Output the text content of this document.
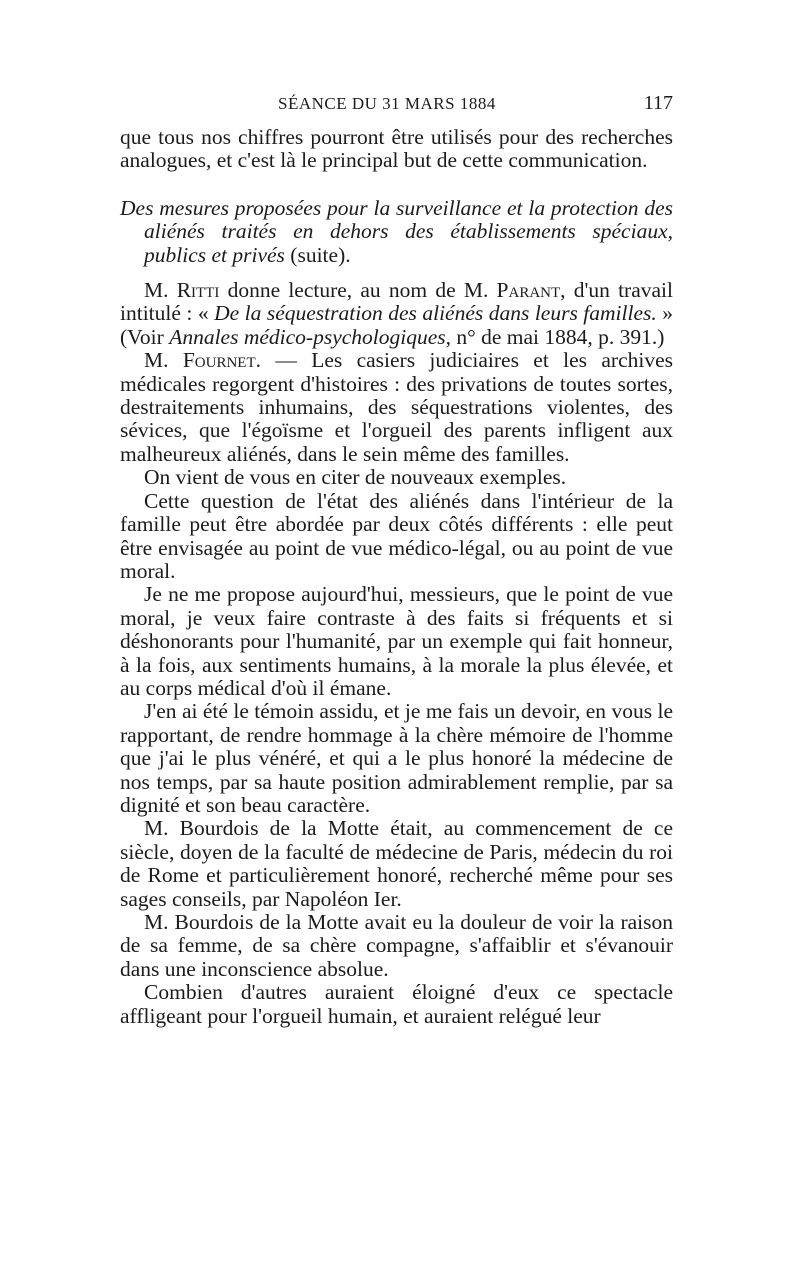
SÉANCE DU 31 MARS 1884	117

que tous nos chiffres pourront être utilisés pour des recherches analogues, et c'est là le principal but de cette communication.

Des mesures proposées pour la surveillance et la protection des aliénés traités en dehors des établissements spéciaux, publics et privés (suite).

M. Ritti donne lecture, au nom de M. Parant, d'un travail intitulé : « De la séquestration des aliénés dans leurs familles. » (Voir Annales médico-psychologiques, n° de mai 1884, p. 391.)

M. Fournet. — Les casiers judiciaires et les archives médicales regorgent d'histoires : des privations de toutes sortes, destraitements inhumains, des séquestrations violentes, des sévices, que l'égoïsme et l'orgueil des parents infligent aux malheureux aliénés, dans le sein même des familles.

On vient de vous en citer de nouveaux exemples.

Cette question de l'état des aliénés dans l'intérieur de la famille peut être abordée par deux côtés différents : elle peut être envisagée au point de vue médico-légal, ou au point de vue moral.

Je ne me propose aujourd'hui, messieurs, que le point de vue moral, je veux faire contraste à des faits si fréquents et si déshonorants pour l'humanité, par un exemple qui fait honneur, à la fois, aux sentiments humains, à la morale la plus élevée, et au corps médical d'où il émane.

J'en ai été le témoin assidu, et je me fais un devoir, en vous le rapportant, de rendre hommage à la chère mémoire de l'homme que j'ai le plus vénéré, et qui a le plus honoré la médecine de nos temps, par sa haute position admirablement remplie, par sa dignité et son beau caractère.

M. Bourdois de la Motte était, au commencement de ce siècle, doyen de la faculté de médecine de Paris, médecin du roi de Rome et particulièrement honoré, recherché même pour ses sages conseils, par Napoléon Ier.

M. Bourdois de la Motte avait eu la douleur de voir la raison de sa femme, de sa chère compagne, s'affaiblir et s'évanouir dans une inconscience absolue.

Combien d'autres auraient éloigné d'eux ce spectacle affligeant pour l'orgueil humain, et auraient relégué leur
